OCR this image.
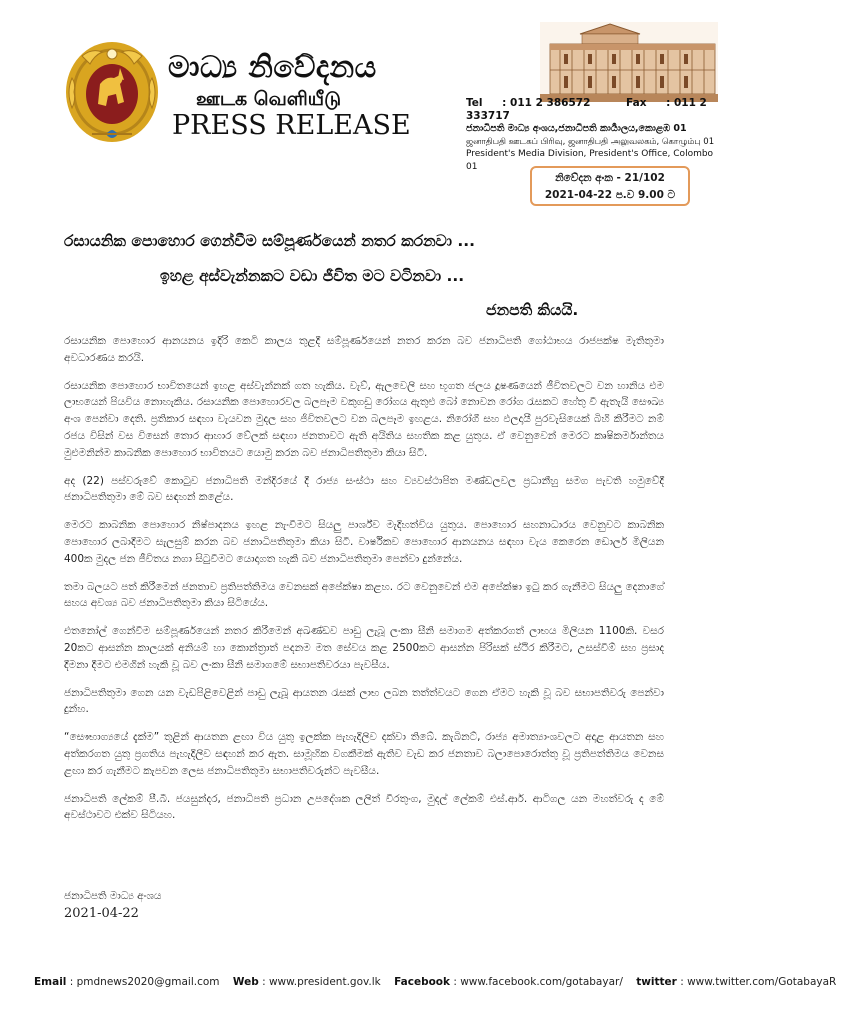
මාධ්‍ය නිවේදනය
ஊடக வெளியீடு
PRESS RELEASE
Tel : 011 2 386572	Fax : 011 2 333717
ජනාධිපති මාධ්‍ය අංශය,ජනාධිපති කාර්‍යාලය,කොළඹ 01
ஜனாதிபதி ஊடகப் பிரிவு, ஜனாதிபதி அலுவலகம், கொழும்பு 01
President's Media Division, President's Office, Colombo 01
නිවේදන අංක - 21/102
2021-04-22 ප.ව 9.00 ට
රසායනික පොහොර ගෙන්වීම සම්පූර්ණයෙන් නතර කරනවා ...
ඉහළ අස්වැන්නකට වඩා ජීවිත මට වටිනවා ...
ජනපති කියයි.

රසායනික පොහොර ආනයනය ඉදිරි කෙටි කාලය තුළදී සම්පූර්ණයෙන් නතර කරන බව ජනාධිපති ගෝඨාභය රාජපක්ෂ මැතිතුමා අවධාරණය කරයි.

රසායනික පොහොර භාවිතයෙන් ඉහළ අස්වැන්නක් ගත හැකිය. වැව්, ඇලවෙලි සහ භූගත ජලය දූෂණයෙන් ජීවිතවලට වන හානිය එම ලාභයෙන් පියවිය නොහැකිය. රසායනික පොහොරවල බලපෑම වකුගඩු රෝගය ඇතුළු බෝ නොවන රෝග රැසකට හේතු වී ඇතැයි සෞඛ්‍ය අංශ පෙන්වා දෙති. ප්‍රතිකාර සඳහා වැයවන මුදල සහ ජිවිතවලට වන බලපෑම ඉහළය. නිරෝගී සහ ඵලදායී පුරවැසියෙක් බිහි කිරීමට නම් රජය විසින් වස විසෙන් තොර ආහාර වේලක් සඳහා ජනතාවට ඇති අයිතිය සහතික කළ යුතුය. ඒ වෙනුවෙන් මෙරට කෘෂිකර්මාන්තය මුළුමනින්ම කාබනික පොහොර භාවිතයට යොමු කරන බව ජනාධිපතිතුමා කියා සිටී.

අද (22) පස්වරුවේ කොටුව ජනාධිපති මන්දිරයේ දී රාජ්‍ය සංස්ථා සහ ව්‍යවස්ථාපිත මණ්ඩලවල ප්‍රධානීහු සමග පැවති හමුවේදී ජනාධිපතිතුමා මේ බව සඳහන් කළේය.

මෙරට කාබනික පොහොර නිෂ්පාදනය ඉහළ නැංවීමට සියලු පාර්ශ්ව මැදිහත්විය යුතුය. පොහොර සහනාධාරය වෙනුවට කාබනික පොහොර ලබාදීමට සැලසුම් කරන බව ජනාධිපතිතුමා කියා සිටී. වාර්ෂිකව පොහොර ආනයනය සඳහා වැය කෙරෙන ඩොලර් මිලියන 400ක මුදල ජන ජීවිතය නගා සිටුවීමට යොදාගත හැකි බව ජනාධිපතිතුමා පෙන්වා දුන්නේය.

තමා බලයට පත් කිරීමෙන් ජනතාව ප්‍රතිපත්තිමය වෙනසක් අපේක්ෂා කළහ. රට වෙනුවෙන් එම අපේක්ෂා ඉටු කර ගැනීමට සියලු දෙනාගේ සහය අවශ්‍ය බව ජනාධිපතිතුමා කියා සිටියේය.

එතනෝල් ගෙන්වීම සම්පූර්ණයෙන් නතර කිරීමෙන් අඛණ්ඩව පාඩු ලැබූ ලංකා සීනි සමාගම අත්කරගත් ලාභය මිලියන 1100කි. වසර 20කට ආසන්න කාලයක් අනියම් හා කොන්ත්‍රාත් පදනම මත සේවය කළ 2500කට ආසන්න පිරිසක් ස්ථිර කිරීමට, උසස්වීම් සහ ප්‍රසාද දීමනා දීමට එමගින් හැකි වූ බව ලංකා සීනි සමාගමේ සභාපතිවරයා පැවසීය.

ජනාධිපතිතුමා ගෙන යන වැඩපිළිවෙළින් පාඩු ලැබූ ආයතන රැසක් ලාභ ලබන තත්ත්වයට ගෙන ඒමට හැකි වූ බව සභාපතිවරු පෙන්වා දුන්හ.

“සෞභාග්‍යයේ දැක්ම” තුළින් ආයතන ළඟා විය යුතු ඉලක්ක පැහැදිලිව දක්වා තිබේ. කැබිනට්, රාජ්‍ය අමාත්‍යාංශවලට අදාළ ආයතන සහ අත්කරගත යුතු ප්‍රගතිය පැහැදිලිව සඳහන් කර ඇත. සාමූහික වගකීමක් ඇතිව වැඩ කර ජනතාව බලාපොරොත්තු වූ ප්‍රතිපත්තිමය වෙනස ළඟා කර ගැනීමට කැපවන ලෙස ජනාධිපතිතුමා සභාපතිවරුන්ට පැවසීය.

ජනාධිපති ලේකම් පී.බී. ජයසුන්දර, ජනාධිපති ප්‍රධාන උපදේශක ලලිත් වීරතුංග, මුදල් ලේකම් එස්.ආර්. ආටිගල යන මහත්වරු ද මේ අවස්ථාවට එක්ව සිටියහ.

ජනාධිපති මාධ්‍ය අංශය
2021-04-22
Email : pmdnews2020@gmail.com Web : www.president.gov.lk Facebook : www.facebook.com/gotabayar/ twitter : www.twitter.com/GotabayaR
